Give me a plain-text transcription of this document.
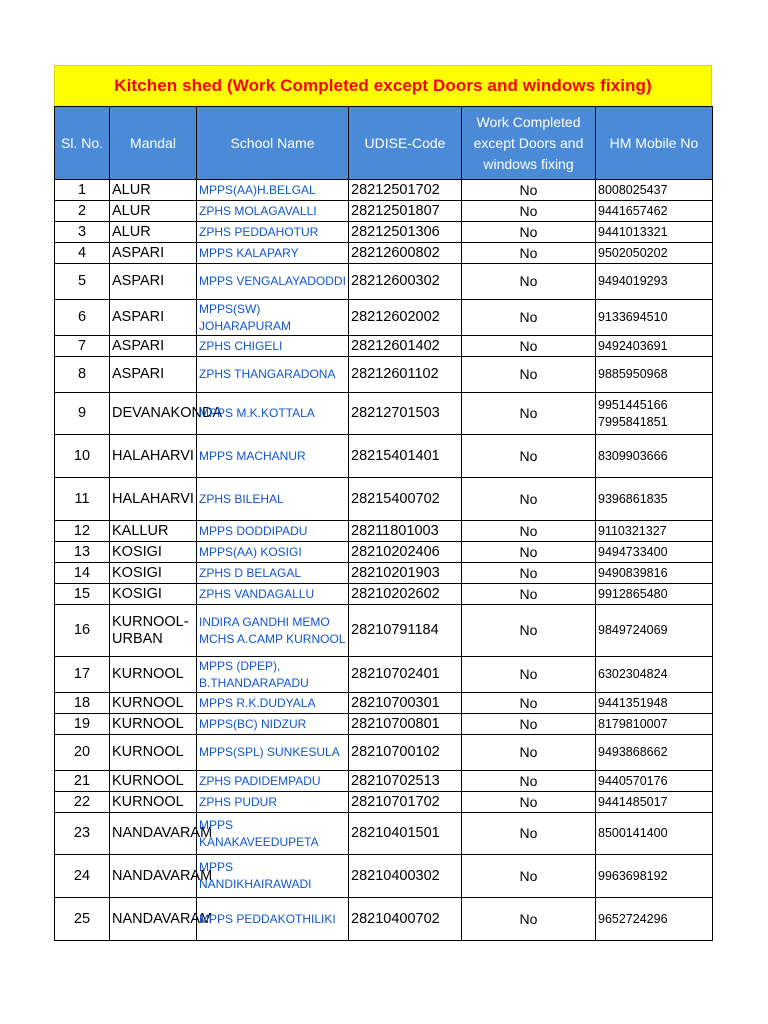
Kitchen shed (Work Completed except Doors and windows fixing)
Sl. No.	Mandal	School Name	UDISE-Code	Work Completed except Doors and windows fixing	HM Mobile No
1	ALUR	MPPS(AA)H.BELGAL	28212501702	No	8008025437
2	ALUR	ZPHS MOLAGAVALLI	28212501807	No	9441657462
3	ALUR	ZPHS PEDDAHOTUR	28212501306	No	9441013321
4	ASPARI	MPPS KALAPARY	28212600802	No	9502050202
5	ASPARI	MPPS VENGALAYADODDI	28212600302	No	9494019293
6	ASPARI	MPPS(SW) JOHARAPURAM	28212602002	No	9133694510
7	ASPARI	ZPHS CHIGELI	28212601402	No	9492403691
8	ASPARI	ZPHS THANGARADONA	28212601102	No	9885950968
9	DEVANAKONDA	MPPS M.K.KOTTALA	28212701503	No	9951445166 7995841851
10	HALAHARVI	MPPS MACHANUR	28215401401	No	8309903666
11	HALAHARVI	ZPHS BILEHAL	28215400702	No	9396861835
12	KALLUR	MPPS DODDIPADU	28211801003	No	9110321327
13	KOSIGI	MPPS(AA) KOSIGI	28210202406	No	9494733400
14	KOSIGI	ZPHS D BELAGAL	28210201903	No	9490839816
15	KOSIGI	ZPHS VANDAGALLU	28210202602	No	9912865480
16	KURNOOL-URBAN	INDIRA GANDHI MEMO MCHS A.CAMP KURNOOL	28210791184	No	9849724069
17	KURNOOL	MPPS (DPEP), B.THANDARAPADU	28210702401	No	6302304824
18	KURNOOL	MPPS R.K.DUDYALA	28210700301	No	9441351948
19	KURNOOL	MPPS(BC) NIDZUR	28210700801	No	8179810007
20	KURNOOL	MPPS(SPL) SUNKESULA	28210700102	No	9493868662
21	KURNOOL	ZPHS PADIDEMPADU	28210702513	No	9440570176
22	KURNOOL	ZPHS PUDUR	28210701702	No	9441485017
23	NANDAVARAM	MPPS KANAKAVEEDUPETA	28210401501	No	8500141400
24	NANDAVARAM	MPPS NANDIKHAIRAWADI	28210400302	No	9963698192
25	NANDAVARAM	MPPS PEDDAKOTHILIKI	28210400702	No	9652724296
